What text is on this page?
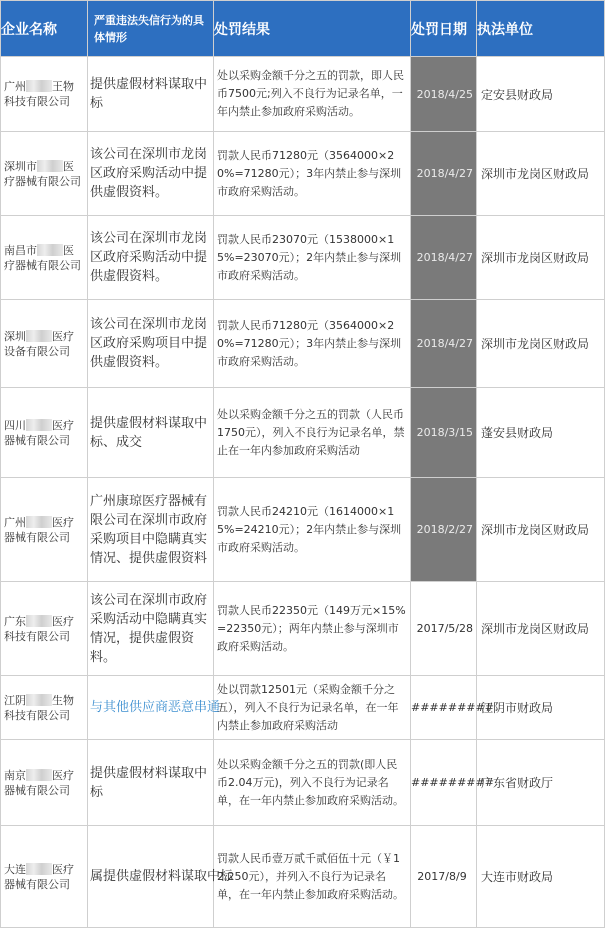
企业名称	严重违法失信行为的具体情形	处罚结果	处罚日期	执法单位
广州 王物科技有限公司	提供虚假材料谋取中标	处以采购金额千分之五的罚款，即人民币7500元;列入不良行为记录名单，一年内禁止参加政府采购活动。	2018/4/25	定安县财政局
深圳市 医疗器械有限公司	该公司在深圳市龙岗区政府采购活动中提供虚假资料。	罚款人民币71280元（3564000×20%=71280元）；3年内禁止参与深圳市政府采购活动。	2018/4/27	深圳市龙岗区财政局
南昌市 医疗器械有限公司	该公司在深圳市龙岗区政府采购活动中提供虚假资料。	罚款人民币23070元（1538000×15%=23070元）；2年内禁止参与深圳市政府采购活动。	2018/4/27	深圳市龙岗区财政局
深圳 医疗设备有限公司	该公司在深圳市龙岗区政府采购项目中提供虚假资料。	罚款人民币71280元（3564000×20%=71280元）；3年内禁止参与深圳市政府采购活动。	2018/4/27	深圳市龙岗区财政局
四川 医疗器械有限公司	提供虚假材料谋取中标、成交	处以采购金额千分之五的罚款（人民币1750元），列入不良行为记录名单，禁止在一年内参加政府采购活动	2018/3/15	蓬安县财政局
广州 医疗器械有限公司	广州康琼医疗器械有限公司在深圳市政府采购项目中隐瞒真实情况、提供虚假资料	罚款人民币24210元（1614000×15%=24210元）；2年内禁止参与深圳市政府采购活动。	2018/2/27	深圳市龙岗区财政局
广东 医疗科技有限公司	该公司在深圳市政府采购活动中隐瞒真实情况，提供虚假资料。	罚款人民币22350元（149万元×15%=22350元）；两年内禁止参与深圳市政府采购活动。	2017/5/28	深圳市龙岗区财政局
江阴 生物科技有限公司	与其他供应商恶意串通	处以罚款12501元（采购金额千分之五），列入不良行为记录名单，在一年内禁止参加政府采购活动	#########	江阴市财政局
南京 医疗器械有限公司	提供虚假材料谋取中标	处以采购金额千分之五的罚款(即人民币2.04万元)，列入不良行为记录名单，在一年内禁止参加政府采购活动。	#########	广东省财政厅
大连 医疗器械有限公司	属提供虚假材料谋取中标	罚款人民币壹万贰千贰佰伍十元（￥12,250元），并列入不良行为记录名单，在一年内禁止参加政府采购活动。	2017/8/9	大连市财政局
